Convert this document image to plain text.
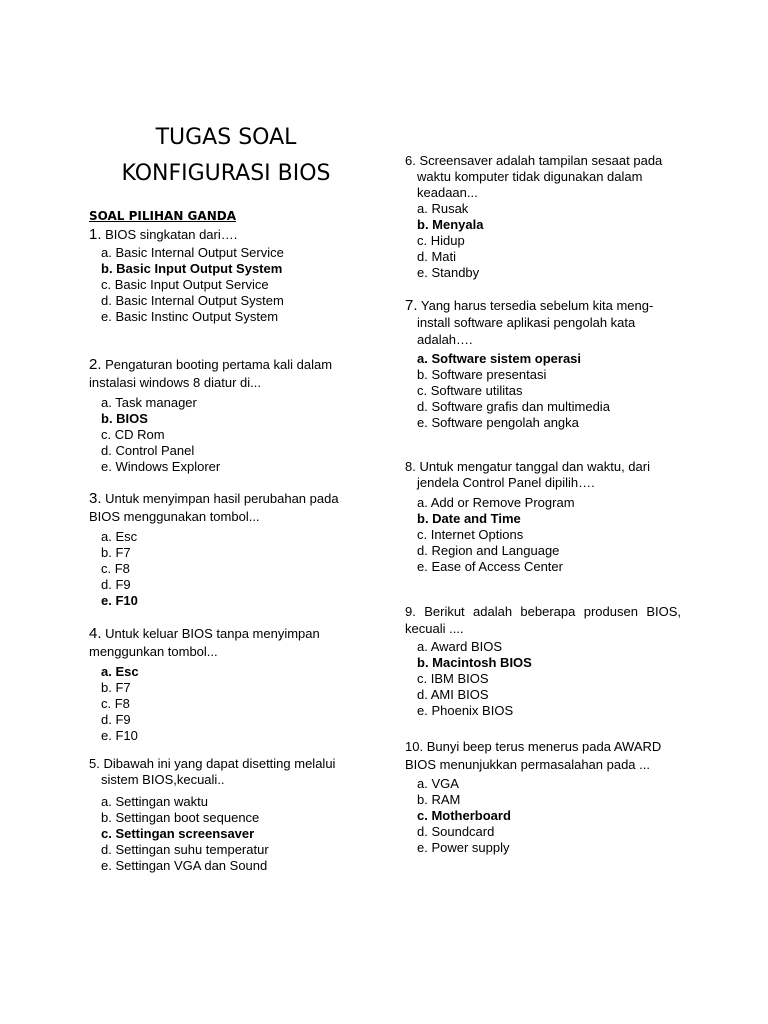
TUGAS SOAL
KONFIGURASI BIOS
SOAL PILIHAN GANDA

1. BIOS singkatan dari….

a. Basic Internal Output Service
b. Basic Input Output System
c. Basic Input Output Service
d. Basic Internal Output System
e. Basic Instinc Output System

2. Pengaturan booting pertama kali dalam instalasi windows 8 diatur di...

a. Task manager
b. BIOS
c. CD Rom
d. Control Panel
e. Windows Explorer

3. Untuk menyimpan hasil perubahan pada BIOS menggunakan tombol...

a. Esc
b. F7
c. F8
d. F9
e. F10

4. Untuk keluar BIOS tanpa menyimpan menggunkan tombol...

a. Esc
b. F7
c. F8
d. F9
e. F10

5. Dibawah ini yang dapat disetting melalui sistem BIOS,kecuali..

a. Settingan waktu
b. Settingan boot sequence
c. Settingan screensaver
d. Settingan suhu temperatur
e. Settingan VGA dan Sound

6. Screensaver adalah tampilan sesaat pada waktu komputer tidak digunakan dalam keadaan...

a. Rusak
b. Menyala
c. Hidup
d. Mati
e. Standby

7. Yang harus tersedia sebelum kita meng-install software aplikasi pengolah kata adalah….

a. Software sistem operasi
b. Software presentasi
c. Software utilitas
d. Software grafis dan multimedia
e. Software pengolah angka

8. Untuk mengatur tanggal dan waktu, dari jendela Control Panel dipilih….

a. Add or Remove Program
b. Date and Time
c. Internet Options
d. Region and Language
e. Ease of Access Center

9. Berikut adalah beberapa produsen BIOS, kecuali ....

a. Award BIOS
b. Macintosh BIOS
c. IBM BIOS
d. AMI BIOS
e. Phoenix BIOS

10. Bunyi beep terus menerus pada AWARD BIOS menunjukkan permasalahan pada ...

a. VGA
b. RAM
c. Motherboard
d. Soundcard
e. Power supply
